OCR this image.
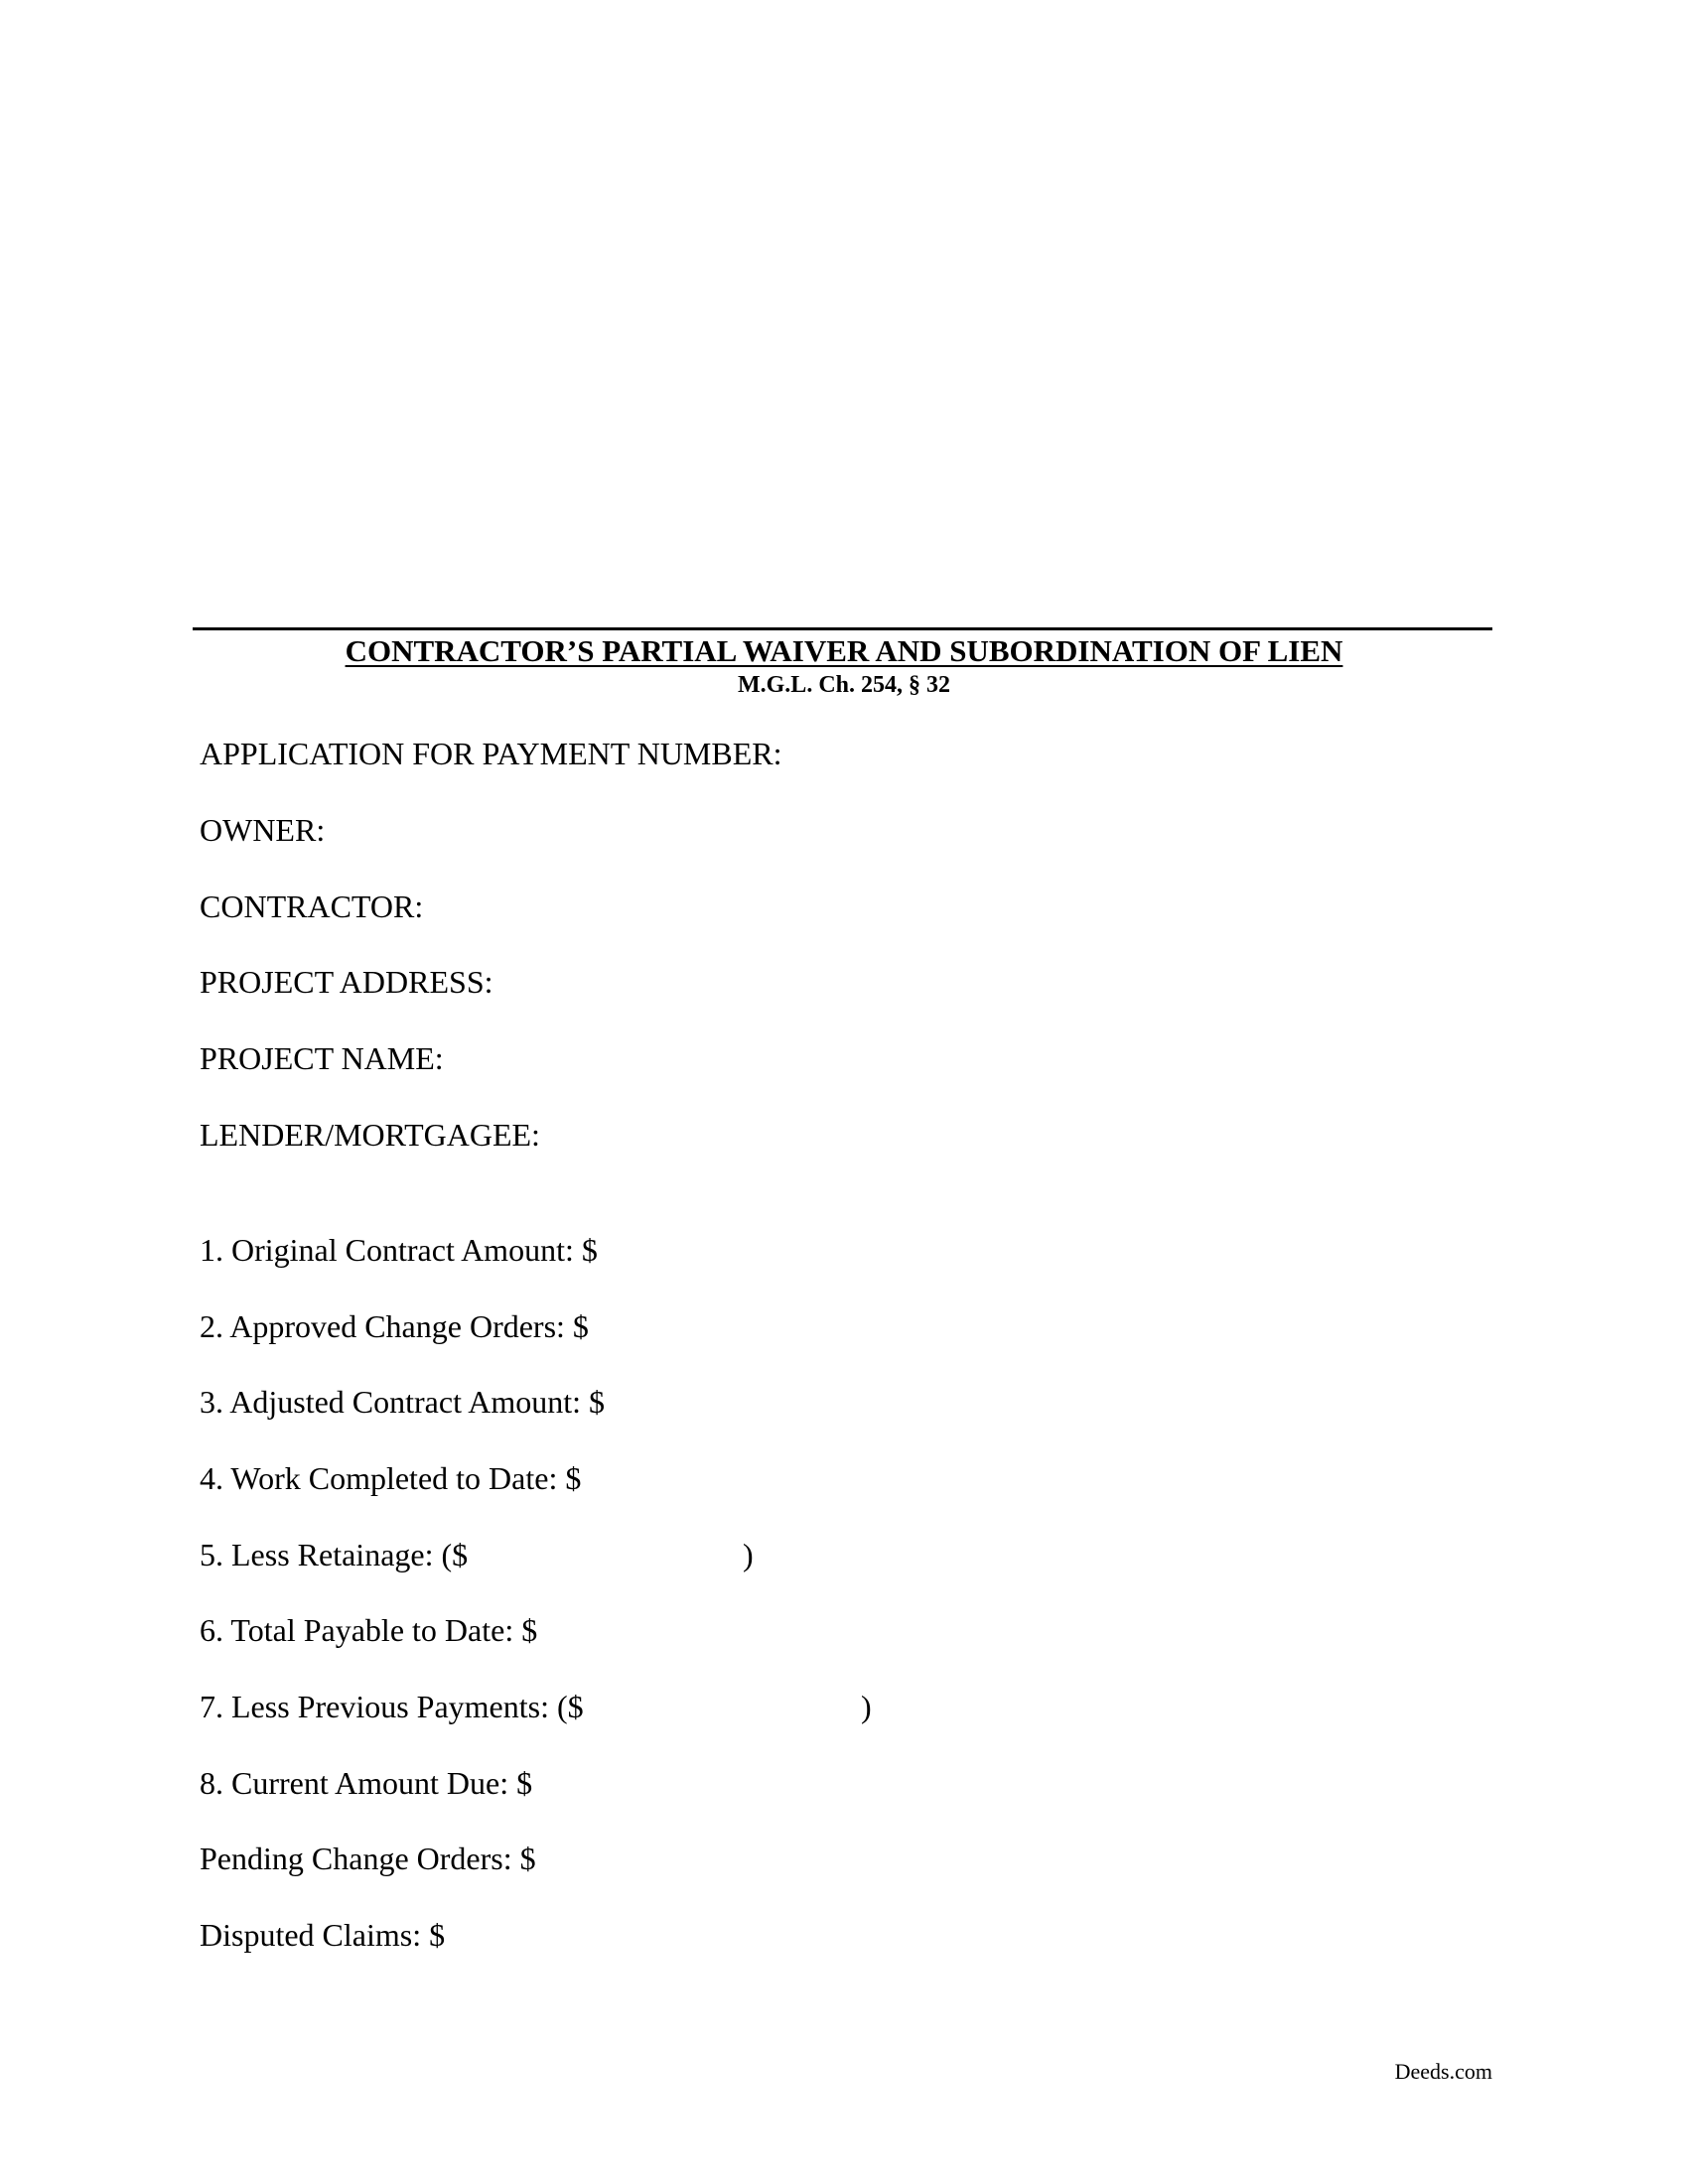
CONTRACTOR’S PARTIAL WAIVER AND SUBORDINATION OF LIEN
M.G.L. Ch. 254, § 32
APPLICATION FOR PAYMENT NUMBER:
OWNER:
CONTRACTOR:
PROJECT ADDRESS:
PROJECT NAME:
LENDER/MORTGAGEE:
1. Original Contract Amount: $
2. Approved Change Orders: $
3. Adjusted Contract Amount: $
4. Work Completed to Date: $
5. Less Retainage: ($	)
6. Total Payable to Date: $
7. Less Previous Payments: ($	)
8. Current Amount Due: $
Pending Change Orders: $
Disputed Claims: $
Deeds.com
